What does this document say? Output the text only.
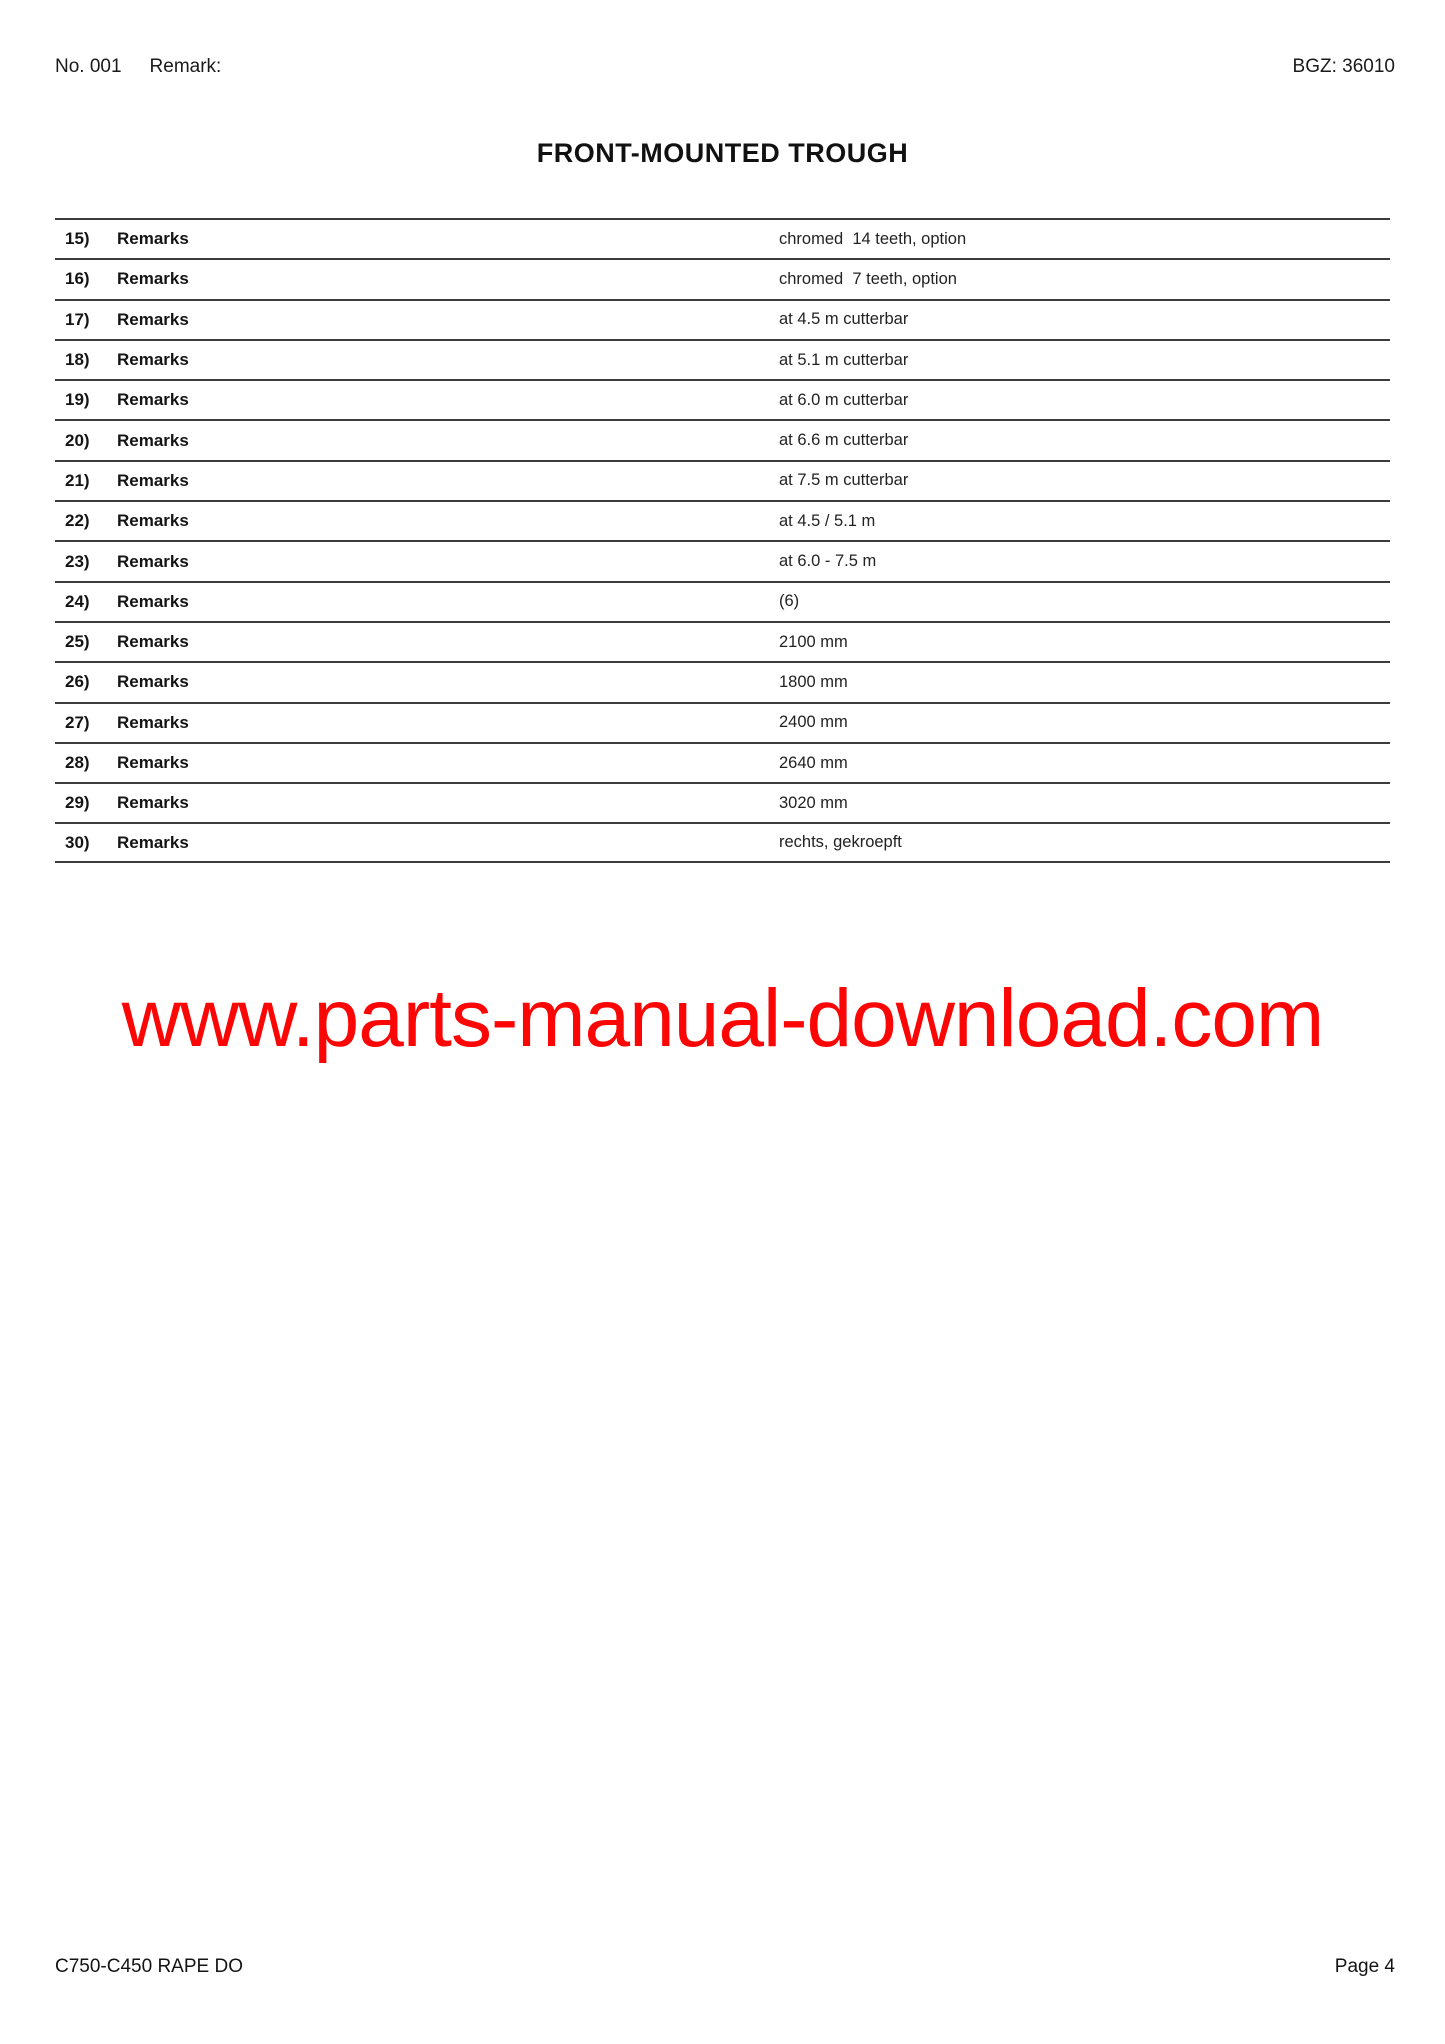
No. 001 Remark:	BGZ: 36010
FRONT-MOUNTED TROUGH
15) Remarks	chromed  14 teeth, option
16) Remarks	chromed  7 teeth, option
17) Remarks	at 4.5 m cutterbar
18) Remarks	at 5.1 m cutterbar
19) Remarks	at 6.0 m cutterbar
20) Remarks	at 6.6 m cutterbar
21) Remarks	at 7.5 m cutterbar
22) Remarks	at 4.5 / 5.1 m
23) Remarks	at 6.0 - 7.5 m
24) Remarks	(6)
25) Remarks	2100 mm
26) Remarks	1800 mm
27) Remarks	2400 mm
28) Remarks	2640 mm
29) Remarks	3020 mm
30) Remarks	rechts, gekroepft
www.parts-manual-download.com
C750-C450 RAPE DO	Page 4
